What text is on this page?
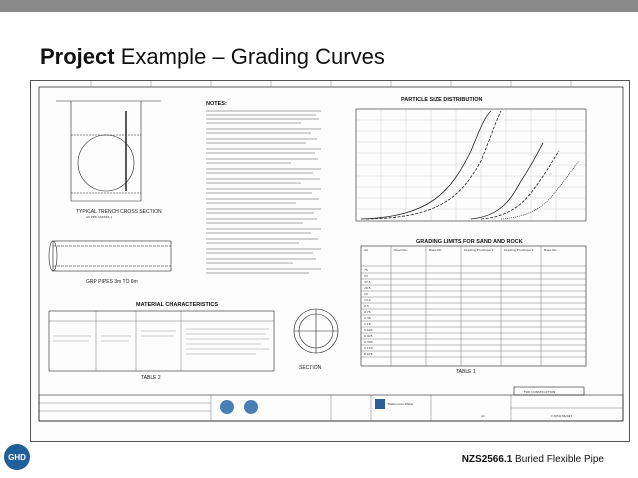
Project Example – Grading Curves
TYPICAL TRENCH CROSS SECTION
AS PER AS2566.1
GRP PIPES 3m TO 6m
NOTES:
PARTICLE SIZE DISTRIBUTION
GRADING LIMITS FOR SAND AND ROCK
AS	Sand No.	Base No.	Grading Envelope 1	Grading Envelope 2	Base No.
75
53
37.5
26.5
19
13.2
9.5
4.75
2.36
1.18
0.600
0.425
0.300
0.150
0.075
TABLE 1
MATERIAL CHARACTERISTICS
TABLE 2
SECTION
FOR CONSTRUCTION
Melbourne Water
A1	C3050/36/027
GHD	NZS2566.1 Buried Flexible Pipe
